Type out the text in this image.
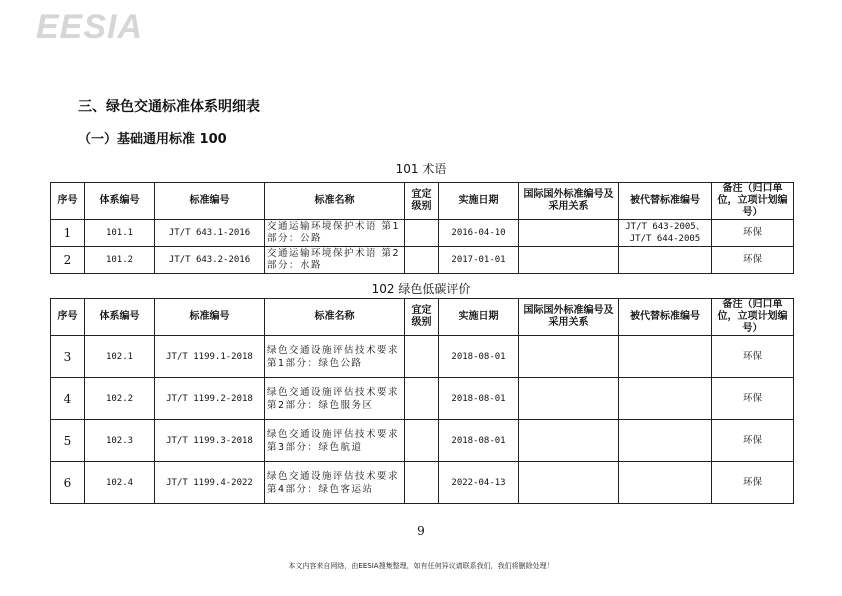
EESIA
三、绿色交通标准体系明细表
（一）基础通用标准 100
101 术语
序号	体系编号	标准编号	标准名称	宜定级别	实施日期	国际国外标准编号及采用关系	被代替标准编号	备注（归口单位，立项计划编号）
1	101.1	JT/T 643.1-2016	交通运输环境保护术语 第1部分：公路		2016-04-10		JT/T 643-2005、JT/T 644-2005	环保
2	101.2	JT/T 643.2-2016	交通运输环境保护术语 第2部分：水路		2017-01-01			环保
102 绿色低碳评价
序号	体系编号	标准编号	标准名称	宜定级别	实施日期	国际国外标准编号及采用关系	被代替标准编号	备注（归口单位，立项计划编号）
3	102.1	JT/T 1199.1-2018	绿色交通设施评估技术要求 第1部分：绿色公路		2018-08-01			环保
4	102.2	JT/T 1199.2-2018	绿色交通设施评估技术要求 第2部分：绿色服务区		2018-08-01			环保
5	102.3	JT/T 1199.3-2018	绿色交通设施评估技术要求 第3部分：绿色航道		2018-08-01			环保
6	102.4	JT/T 1199.4-2022	绿色交通设施评估技术要求 第4部分：绿色客运站		2022-04-13			环保
9
本文内容来自网络，由EESIA搜集整理，如有任何异议请联系我们，我们将删除处理！
